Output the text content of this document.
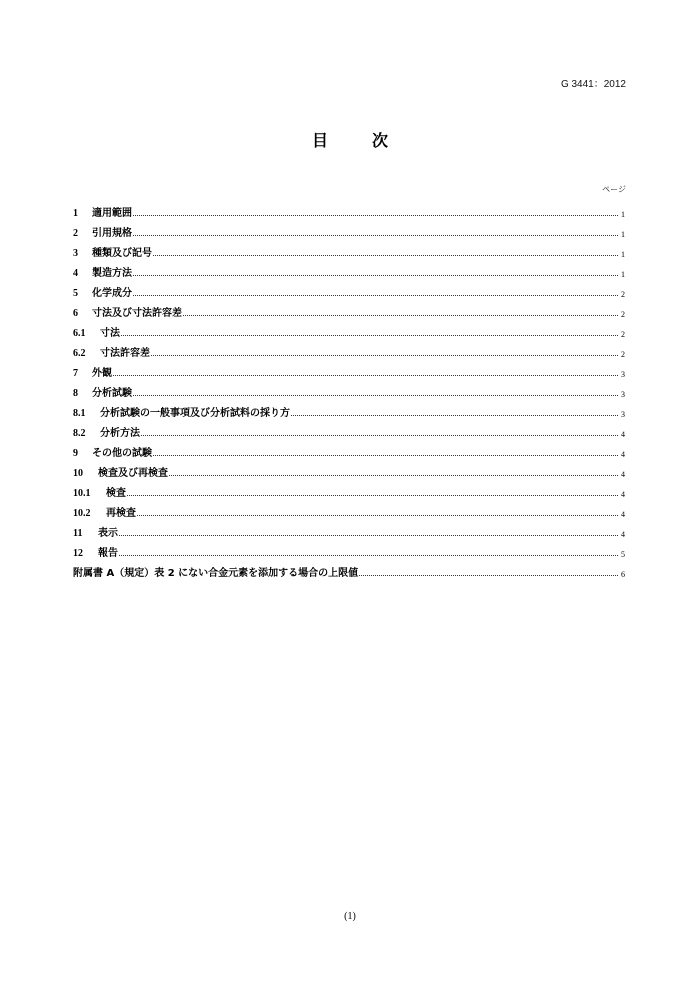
G 3441：2012
目　次
ページ
1	適用範囲	1
2	引用規格	1
3	種類及び記号	1
4	製造方法	1
5	化学成分	2
6	寸法及び寸法許容差	2
6.1	寸法	2
6.2	寸法許容差	2
7	外観	3
8	分析試験	3
8.1	分析試験の一般事項及び分析試料の採り方	3
8.2	分析方法	4
9	その他の試験	4
10	検査及び再検査	4
10.1	検査	4
10.2	再検査	4
11	表示	4
12	報告	5
附属書 A（規定）表 2 にない合金元素を添加する場合の上限値	6
(1)
